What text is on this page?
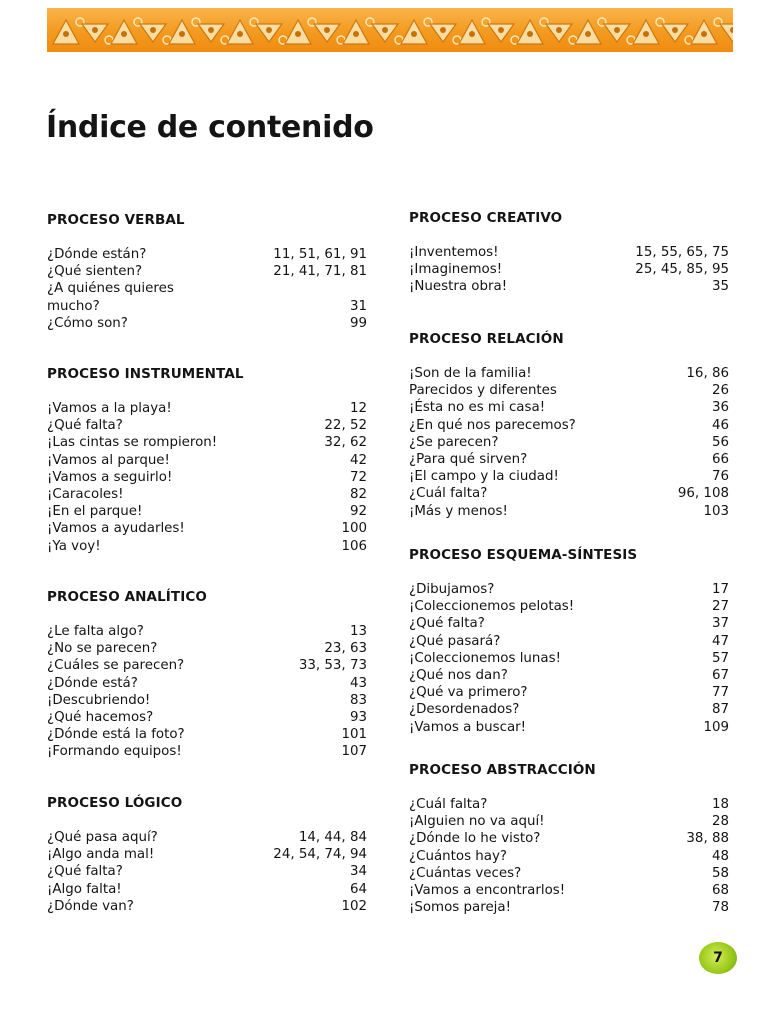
Índice de contenido
PROCESO VERBAL
¿Dónde están?	11, 51, 61, 91
¿Qué sienten?	21, 41, 71, 81
¿A quiénes quieres mucho?	31
¿Cómo son?	99
PROCESO INSTRUMENTAL
¡Vamos a la playa!	12
¿Qué falta?	22, 52
¡Las cintas se rompieron!	32, 62
¡Vamos al parque!	42
¡Vamos a seguirlo!	72
¡Caracoles!	82
¡En el parque!	92
¡Vamos a ayudarles!	100
¡Ya voy!	106
PROCESO ANALÍTICO
¿Le falta algo?	13
¿No se parecen?	23, 63
¿Cuáles se parecen?	33, 53, 73
¿Dónde está?	43
¡Descubriendo!	83
¿Qué hacemos?	93
¿Dónde está la foto?	101
¡Formando equipos!	107
PROCESO LÓGICO
¿Qué pasa aquí?	14, 44, 84
¡Algo anda mal!	24, 54, 74, 94
¿Qué falta?	34
¡Algo falta!	64
¿Dónde van?	102
PROCESO CREATIVO
¡Inventemos!	15, 55, 65, 75
¡Imaginemos!	25, 45, 85, 95
¡Nuestra obra!	35
PROCESO RELACIÓN
¡Son de la familia!	16, 86
Parecidos y diferentes	26
¡Ésta no es mi casa!	36
¿En qué nos parecemos?	46
¿Se parecen?	56
¿Para qué sirven?	66
¡El campo y la ciudad!	76
¿Cuál falta?	96, 108
¡Más y menos!	103
PROCESO ESQUEMA-SÍNTESIS
¿Dibujamos?	17
¡Coleccionemos pelotas!	27
¿Qué falta?	37
¿Qué pasará?	47
¡Coleccionemos lunas!	57
¿Qué nos dan?	67
¿Qué va primero?	77
¿Desordenados?	87
¡Vamos a buscar!	109
PROCESO ABSTRACCIÓN
¿Cuál falta?	18
¡Alguien no va aquí!	28
¿Dónde lo he visto?	38, 88
¿Cuántos hay?	48
¿Cuántas veces?	58
¡Vamos a encontrarlos!	68
¡Somos pareja!	78
7
